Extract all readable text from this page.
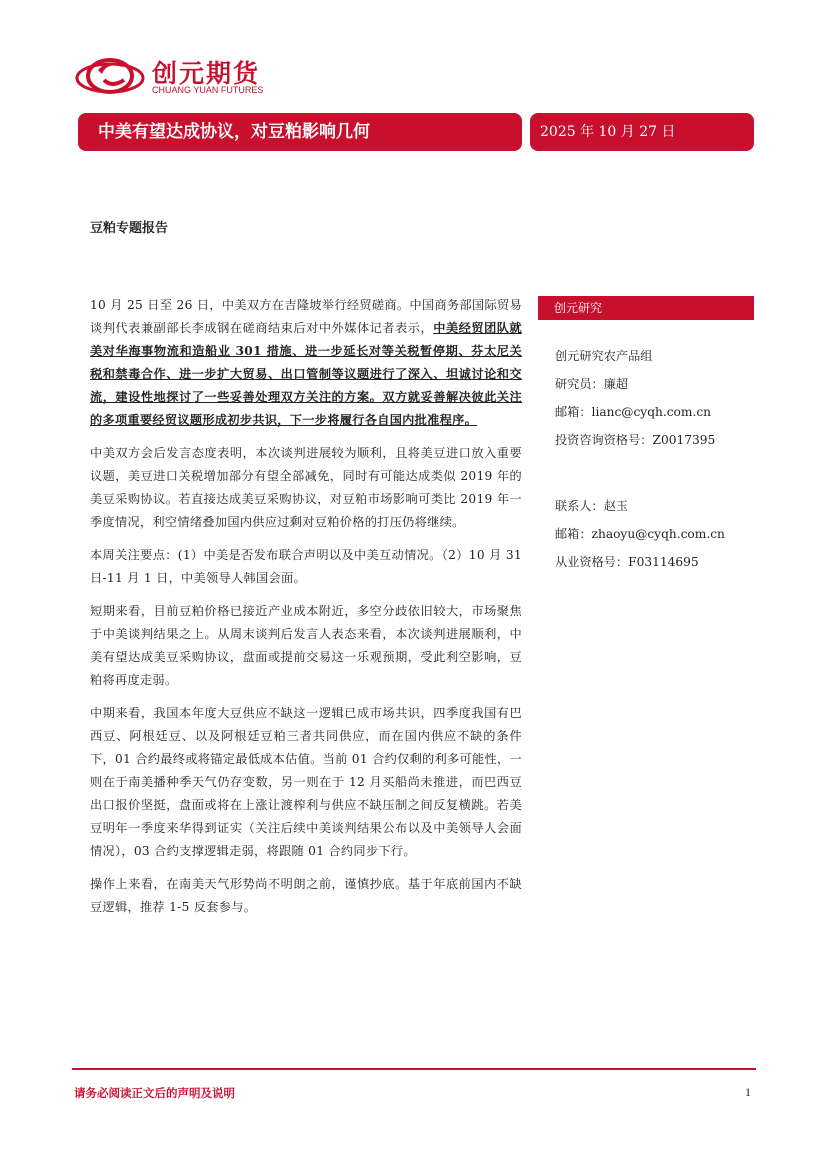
创元期货
CHUANG YUAN FUTURES
中美有望达成协议，对豆粕影响几何	2025 年 10 月 27 日
豆粕专题报告

10 月 25 日至 26 日，中美双方在吉隆坡举行经贸磋商。中国商务部国际贸易谈判代表兼副部长李成钢在磋商结束后对中外媒体记者表示，中美经贸团队就美对华海事物流和造船业 301 措施、进一步延长对等关税暂停期、芬太尼关税和禁毒合作、进一步扩大贸易、出口管制等议题进行了深入、坦诚讨论和交流，建设性地探讨了一些妥善处理双方关注的方案。双方就妥善解决彼此关注的多项重要经贸议题形成初步共识，下一步将履行各自国内批准程序。

中美双方会后发言态度表明，本次谈判进展较为顺利，且将美豆进口放入重要议题，美豆进口关税增加部分有望全部减免，同时有可能达成类似 2019 年的美豆采购协议。若直接达成美豆采购协议，对豆粕市场影响可类比 2019 年一季度情况，利空情绪叠加国内供应过剩对豆粕价格的打压仍将继续。

本周关注要点：(1）中美是否发布联合声明以及中美互动情况。（2）10 月 31 日-11 月 1 日，中美领导人韩国会面。

短期来看，目前豆粕价格已接近产业成本附近，多空分歧依旧较大，市场聚焦于中美谈判结果之上。从周末谈判后发言人表态来看，本次谈判进展顺利，中美有望达成美豆采购协议，盘面或提前交易这一乐观预期，受此利空影响，豆粕将再度走弱。

中期来看，我国本年度大豆供应不缺这一逻辑已成市场共识，四季度我国有巴西豆、阿根廷豆、以及阿根廷豆粕三者共同供应，而在国内供应不缺的条件下，01 合约最终或将锚定最低成本估值。当前 01 合约仅剩的利多可能性，一则在于南美播种季天气仍存变数，另一则在于 12 月买船尚未推进，而巴西豆出口报价坚挺，盘面或将在上涨让渡榨利与供应不缺压制之间反复横跳。若美豆明年一季度来华得到证实（关注后续中美谈判结果公布以及中美领导人会面情况），03 合约支撑逻辑走弱，将跟随 01 合约同步下行。

操作上来看，在南美天气形势尚不明朗之前，谨慎抄底。基于年底前国内不缺豆逻辑，推荐 1-5 反套参与。

创元研究
创元研究农产品组
研究员：廉超
邮箱：lianc@cyqh.com.cn
投资咨询资格号：Z0017395
联系人：赵玉
邮箱：zhaoyu@cyqh.com.cn
从业资格号：F03114695
请务必阅读正文后的声明及说明	1
